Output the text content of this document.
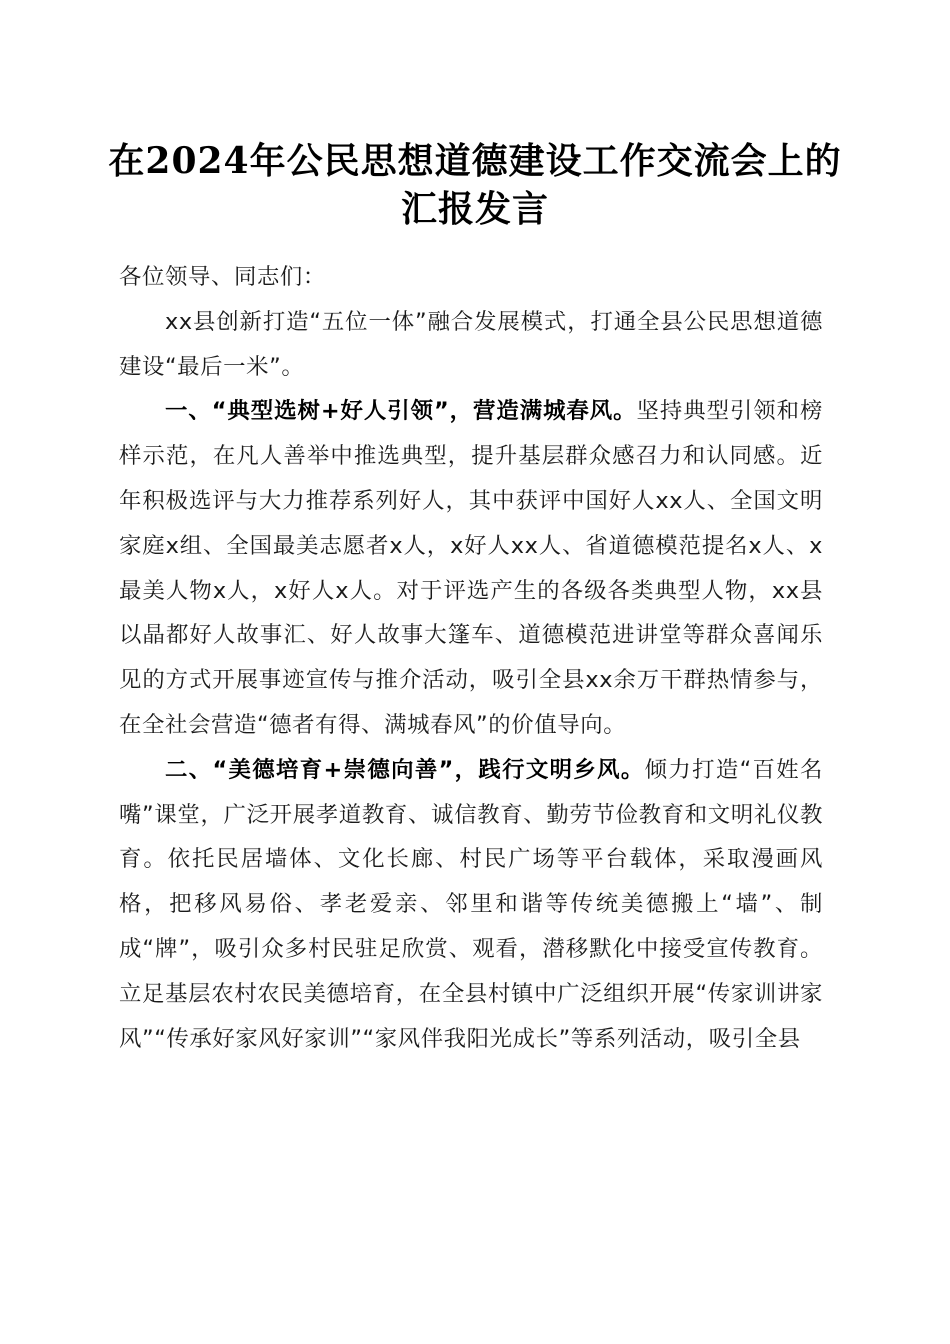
在2024年公民思想道德建设工作交流会上的
汇报发言

各位领导、同志们：

xx县创新打造“五位一体”融合发展模式，打通全县公民思想道德建设“最后一米”。

一、“典型选树+好人引领”，营造满城春风。坚持典型引领和榜样示范，在凡人善举中推选典型，提升基层群众感召力和认同感。近年积极选评与大力推荐系列好人，其中获评中国好人xx人、全国文明家庭x组、全国最美志愿者x人，x好人xx人、省道德模范提名x人、x最美人物x人，x好人x人。对于评选产生的各级各类典型人物，xx县以晶都好人故事汇、好人故事大篷车、道德模范进讲堂等群众喜闻乐见的方式开展事迹宣传与推介活动，吸引全县xx余万干群热情参与，在全社会营造“德者有得、满城春风”的价值导向。

二、“美德培育+崇德向善”，践行文明乡风。倾力打造“百姓名嘴”课堂，广泛开展孝道教育、诚信教育、勤劳节俭教育和文明礼仪教育。依托民居墙体、文化长廊、村民广场等平台载体，采取漫画风格，把移风易俗、孝老爱亲、邻里和谐等传统美德搬上“墙”、制成“牌”，吸引众多村民驻足欣赏、观看，潜移默化中接受宣传教育。立足基层农村农民美德培育，在全县村镇中广泛组织开展“传家训讲家风”“传承好家风好家训”“家风伴我阳光成长”等系列活动，吸引全县
